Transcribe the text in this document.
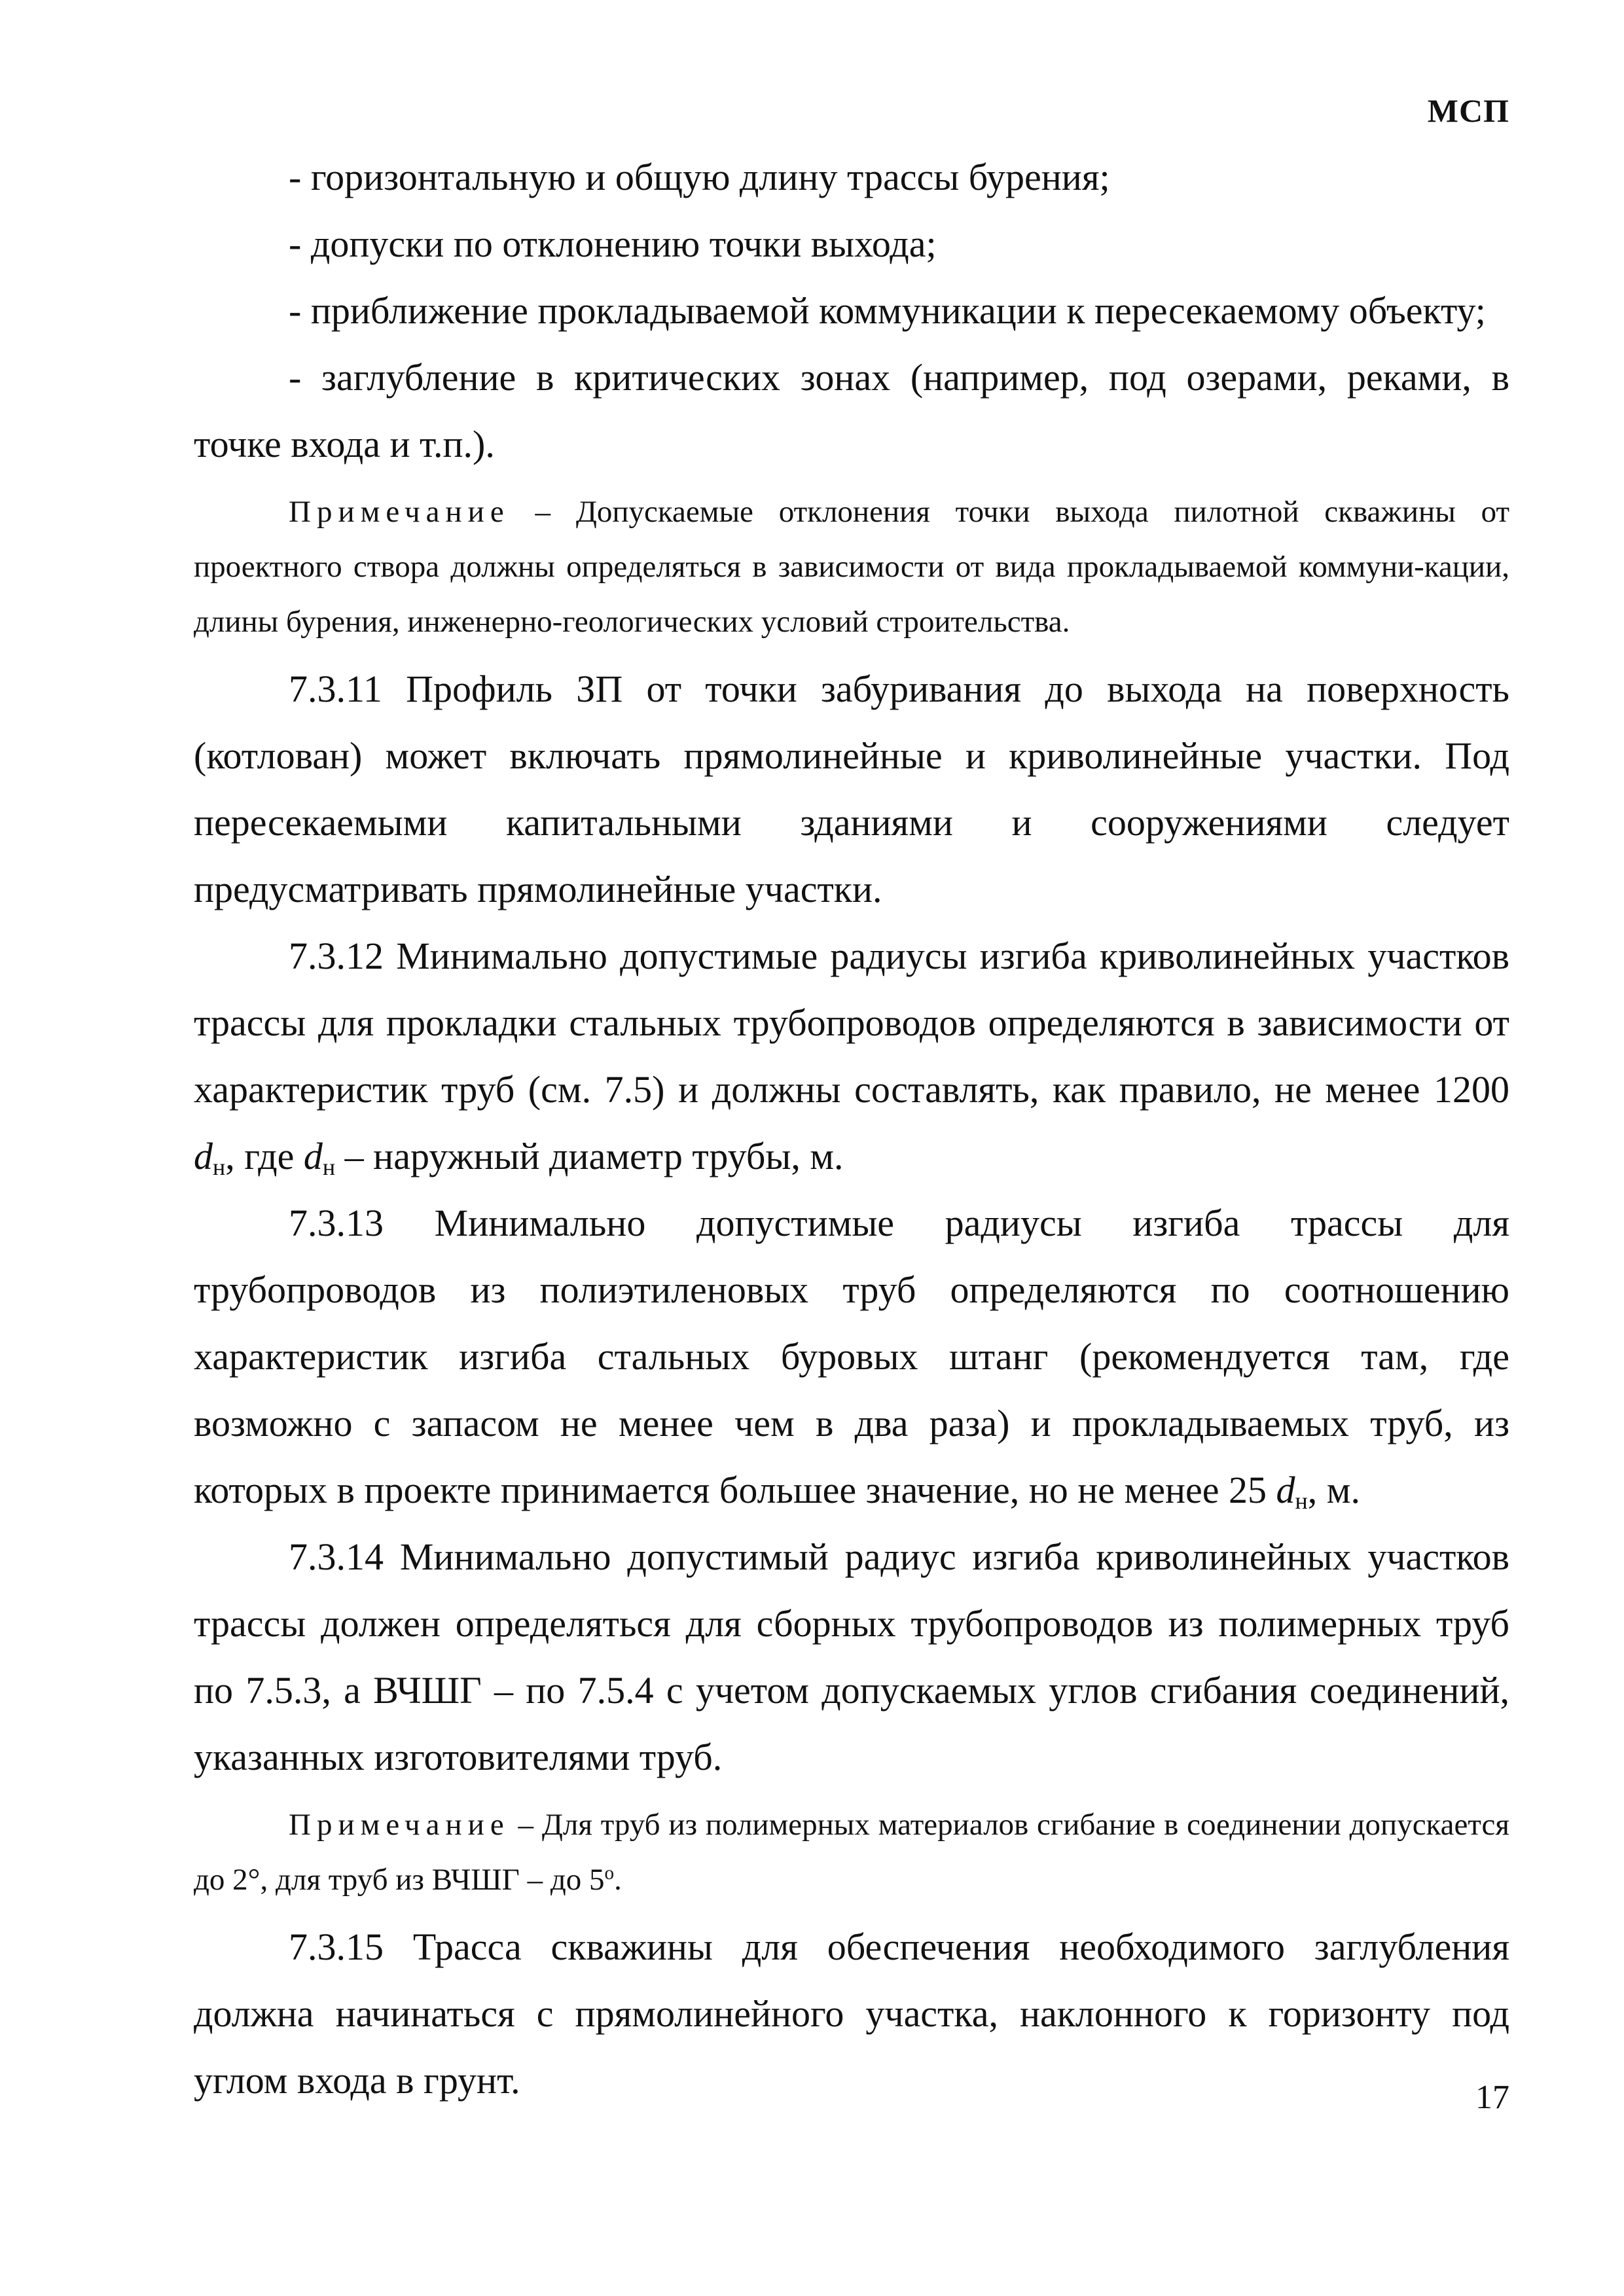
МСП

- горизонтальную и общую длину трассы бурения;

- допуски по отклонению точки выхода;

- приближение прокладываемой коммуникации к пересекаемому объекту;

- заглубление в критических зонах (например, под озерами, реками, в точке входа и т.п.).

Примечание – Допускаемые отклонения точки выхода пилотной скважины от проектного створа должны определяться в зависимости от вида прокладываемой коммуни-кации, длины бурения, инженерно-геологических условий строительства.

7.3.11 Профиль ЗП от точки забуривания до выхода на поверхность (котлован) может включать прямолинейные и криволинейные участки. Под пересекаемыми капитальными зданиями и сооружениями следует предусматривать прямолинейные участки.

7.3.12 Минимально допустимые радиусы изгиба криволинейных участков трассы для прокладки стальных трубопроводов определяются в зависимости от характеристик труб (см. 7.5) и должны составлять, как правило, не менее 1200 $d_н$, где $d_н$ – наружный диаметр трубы, м.

7.3.13 Минимально допустимые радиусы изгиба трассы для трубопроводов из полиэтиленовых труб определяются по соотношению характеристик изгиба стальных буровых штанг (рекомендуется там, где возможно с запасом не менее чем в два раза) и прокладываемых труб, из которых в проекте принимается большее значение, но не менее 25 $d_н$, м.

7.3.14 Минимально допустимый радиус изгиба криволинейных участков трассы должен определяться для сборных трубопроводов из полимерных труб по 7.5.3, а ВЧШГ – по 7.5.4 с учетом допускаемых углов сгибания соединений, указанных изготовителями труб.

Примечание – Для труб из полимерных материалов сгибание в соединении допускается до 2°, для труб из ВЧШГ – до $5^о$.

7.3.15 Трасса скважины для обеспечения необходимого заглубления должна начинаться с прямолинейного участка, наклонного к горизонту под углом входа в грунт.	17
